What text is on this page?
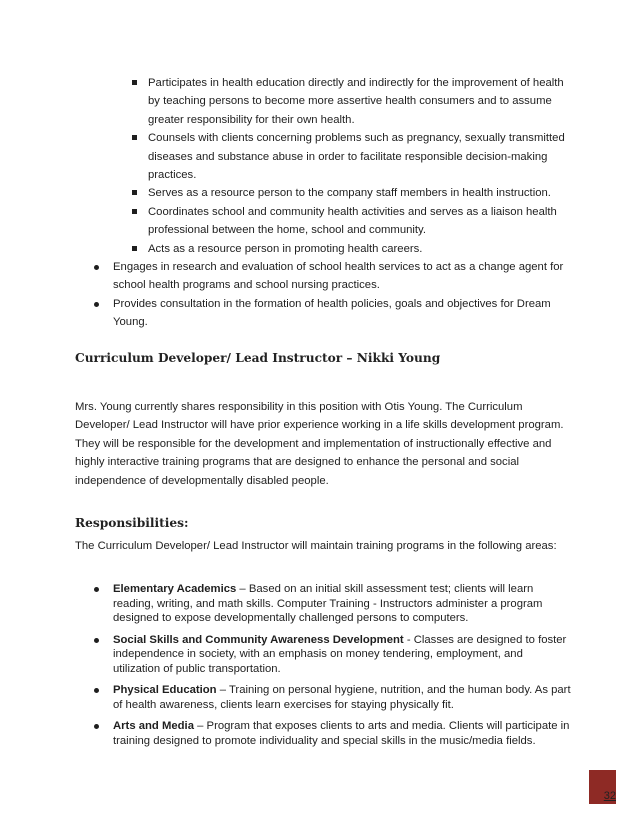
Participates in health education directly and indirectly for the improvement of health by teaching persons to become more assertive health consumers and to assume greater responsibility for their own health.
Counsels with clients concerning problems such as pregnancy, sexually transmitted diseases and substance abuse in order to facilitate responsible decision-making practices.
Serves as a resource person to the company staff members in health instruction.
Coordinates school and community health activities and serves as a liaison health professional between the home, school and community.
Acts as a resource person in promoting health careers.
Engages in research and evaluation of school health services to act as a change agent for school health programs and school nursing practices.
Provides consultation in the formation of health policies, goals and objectives for Dream Young.
Curriculum Developer/ Lead Instructor – Nikki Young

Mrs. Young currently shares responsibility in this position with Otis Young. The Curriculum Developer/ Lead Instructor will have prior experience working in a life skills development program. They will be responsible for the development and implementation of instructionally effective and highly interactive training programs that are designed to enhance the personal and social independence of developmentally disabled people.

Responsibilities:

The Curriculum Developer/ Lead Instructor will maintain training programs in the following areas:

Elementary Academics – Based on an initial skill assessment test; clients will learn reading, writing, and math skills. Computer Training - Instructors administer a program designed to expose developmentally challenged persons to computers.
Social Skills and Community Awareness Development - Classes are designed to foster independence in society, with an emphasis on money tendering, employment, and utilization of public transportation.
Physical Education – Training on personal hygiene, nutrition, and the human body. As part of health awareness, clients learn exercises for staying physically fit.
Arts and Media – Program that exposes clients to arts and media. Clients will participate in training designed to promote individuality and special skills in the music/media fields.
32
